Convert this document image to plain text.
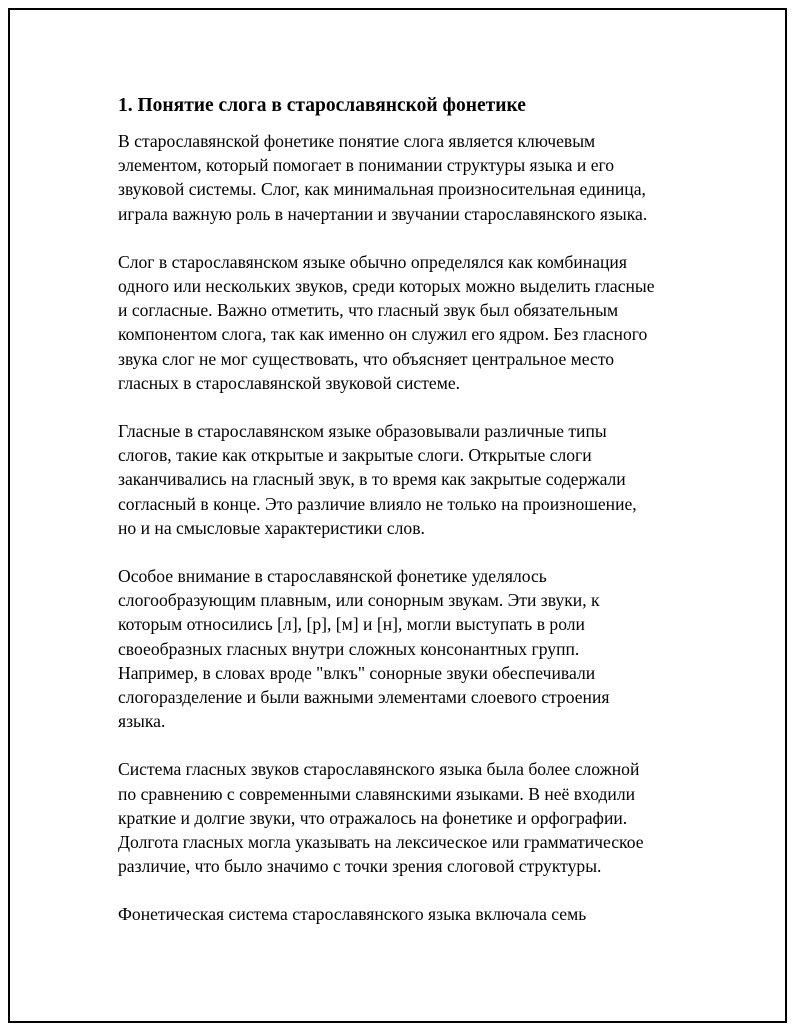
1. Понятие слога в старославянской фонетике

В старославянской фонетике понятие слога является ключевым
элементом, который помогает в понимании структуры языка и его
звуковой системы. Слог, как минимальная произносительная единица,
играла важную роль в начертании и звучании старославянского языка.

Слог в старославянском языке обычно определялся как комбинация
одного или нескольких звуков, среди которых можно выделить гласные
и согласные. Важно отметить, что гласный звук был обязательным
компонентом слога, так как именно он служил его ядром. Без гласного
звука слог не мог существовать, что объясняет центральное место
гласных в старославянской звуковой системе.

Гласные в старославянском языке образовывали различные типы
слогов, такие как открытые и закрытые слоги. Открытые слоги
заканчивались на гласный звук, в то время как закрытые содержали
согласный в конце. Это различие влияло не только на произношение,
но и на смысловые характеристики слов.

Особое внимание в старославянской фонетике уделялось
слогообразующим плавным, или сонорным звукам. Эти звуки, к
которым относились [л], [р], [м] и [н], могли выступать в роли
своеобразных гласных внутри сложных консонантных групп.
Например, в словах вроде "влкъ" сонорные звуки обеспечивали
слогоразделение и были важными элементами слоевого строения
языка.

Система гласных звуков старославянского языка была более сложной
по сравнению с современными славянскими языками. В неё входили
краткие и долгие звуки, что отражалось на фонетике и орфографии.
Долгота гласных могла указывать на лексическое или грамматическое
различие, что было значимо с точки зрения слоговой структуры.

Фонетическая система старославянского языка включала семь
